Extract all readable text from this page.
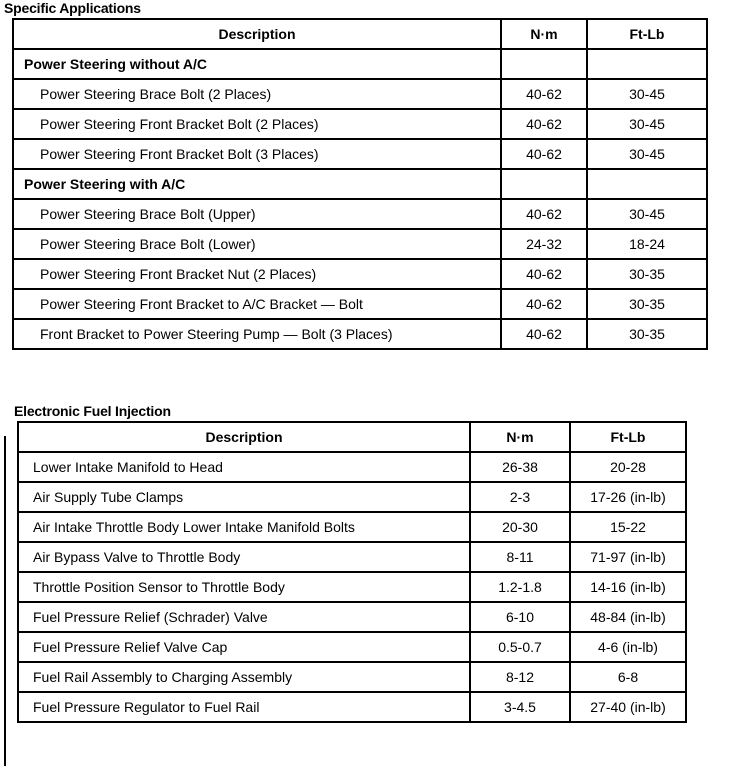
Specific Applications
Description	N·m	Ft-Lb
Power Steering without A/C		
Power Steering Brace Bolt (2 Places)	40-62	30-45
Power Steering Front Bracket Bolt (2 Places)	40-62	30-45
Power Steering Front Bracket Bolt (3 Places)	40-62	30-45
Power Steering with A/C		
Power Steering Brace Bolt (Upper)	40-62	30-45
Power Steering Brace Bolt (Lower)	24-32	18-24
Power Steering Front Bracket Nut (2 Places)	40-62	30-35
Power Steering Front Bracket to A/C Bracket — Bolt	40-62	30-35
Front Bracket to Power Steering Pump — Bolt (3 Places)	40-62	30-35
Electronic Fuel Injection
Description	N·m	Ft-Lb
Lower Intake Manifold to Head	26-38	20-28
Air Supply Tube Clamps	2-3	17-26 (in-lb)
Air Intake Throttle Body Lower Intake Manifold Bolts	20-30	15-22
Air Bypass Valve to Throttle Body	8-11	71-97 (in-lb)
Throttle Position Sensor to Throttle Body	1.2-1.8	14-16 (in-lb)
Fuel Pressure Relief (Schrader) Valve	6-10	48-84 (in-lb)
Fuel Pressure Relief Valve Cap	0.5-0.7	4-6 (in-lb)
Fuel Rail Assembly to Charging Assembly	8-12	6-8
Fuel Pressure Regulator to Fuel Rail	3-4.5	27-40 (in-lb)
